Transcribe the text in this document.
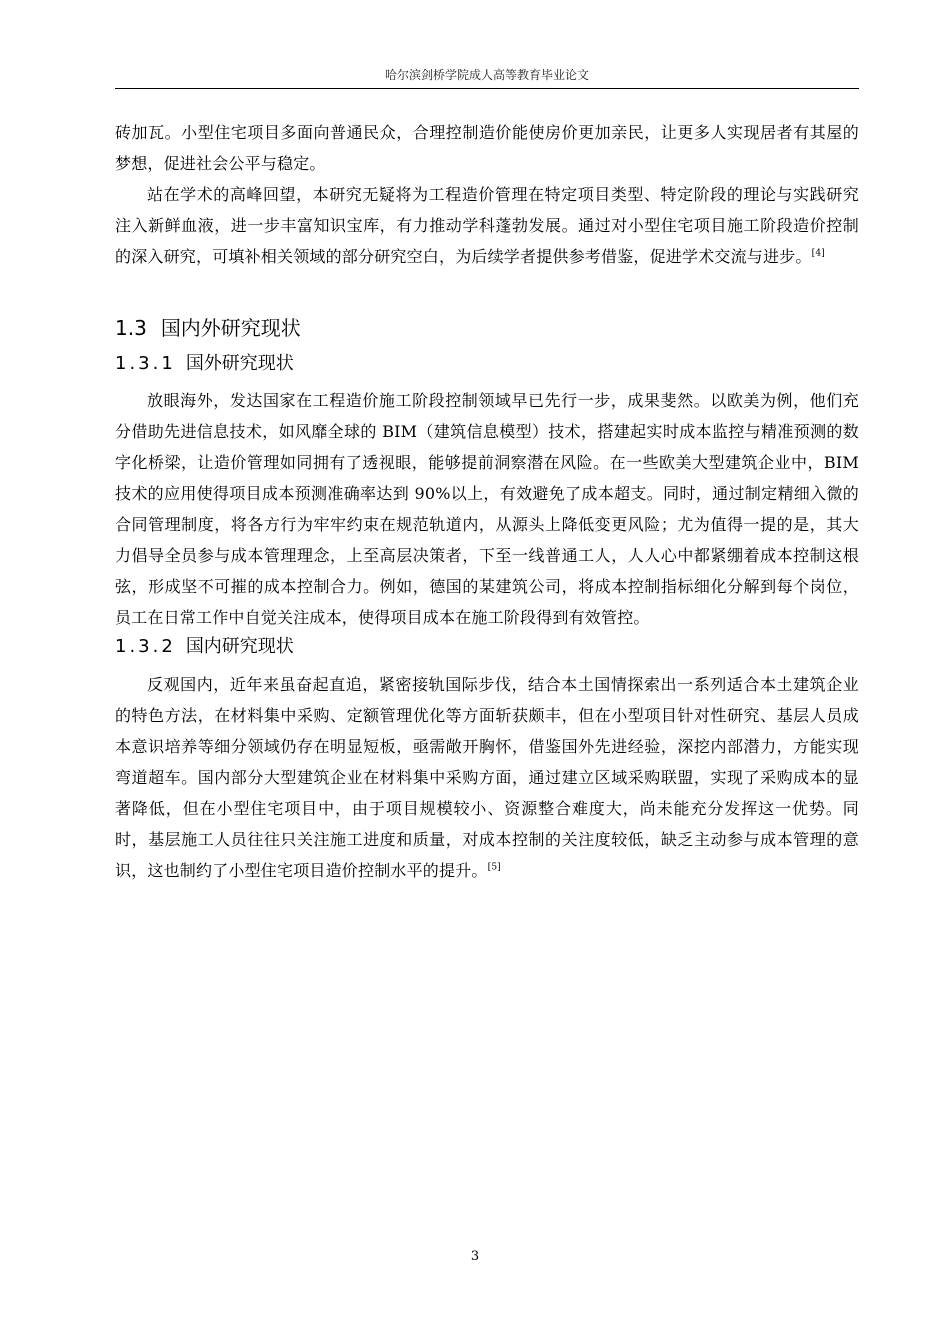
哈尔滨剑桥学院成人高等教育毕业论文

砖加瓦。小型住宅项目多面向普通民众，合理控制造价能使房价更加亲民，让更多人实现居者有其屋的梦想，促进社会公平与稳定。

站在学术的高峰回望，本研究无疑将为工程造价管理在特定项目类型、特定阶段的理论与实践研究注入新鲜血液，进一步丰富知识宝库，有力推动学科蓬勃发展。通过对小型住宅项目施工阶段造价控制的深入研究，可填补相关领域的部分研究空白，为后续学者提供参考借鉴，促进学术交流与进步。[4]

1.3 国内外研究现状
1.3.1 国外研究现状

放眼海外，发达国家在工程造价施工阶段控制领域早已先行一步，成果斐然。以欧美为例，他们充分借助先进信息技术，如风靡全球的 BIM（建筑信息模型）技术，搭建起实时成本监控与精准预测的数字化桥梁，让造价管理如同拥有了透视眼，能够提前洞察潜在风险。在一些欧美大型建筑企业中，BIM 技术的应用使得项目成本预测准确率达到 90%以上，有效避免了成本超支。同时，通过制定精细入微的合同管理制度，将各方行为牢牢约束在规范轨道内，从源头上降低变更风险；尤为值得一提的是，其大力倡导全员参与成本管理理念，上至高层决策者，下至一线普通工人，人人心中都紧绷着成本控制这根弦，形成坚不可摧的成本控制合力。例如，德国的某建筑公司，将成本控制指标细化分解到每个岗位，员工在日常工作中自觉关注成本，使得项目成本在施工阶段得到有效管控。

1.3.2 国内研究现状

反观国内，近年来虽奋起直追，紧密接轨国际步伐，结合本土国情探索出一系列适合本土建筑企业的特色方法，在材料集中采购、定额管理优化等方面斩获颇丰，但在小型项目针对性研究、基层人员成本意识培养等细分领域仍存在明显短板，亟需敞开胸怀，借鉴国外先进经验，深挖内部潜力，方能实现弯道超车。国内部分大型建筑企业在材料集中采购方面，通过建立区域采购联盟，实现了采购成本的显著降低，但在小型住宅项目中，由于项目规模较小、资源整合难度大，尚未能充分发挥这一优势。同时，基层施工人员往往只关注施工进度和质量，对成本控制的关注度较低，缺乏主动参与成本管理的意识，这也制约了小型住宅项目造价控制水平的提升。[5]

3
